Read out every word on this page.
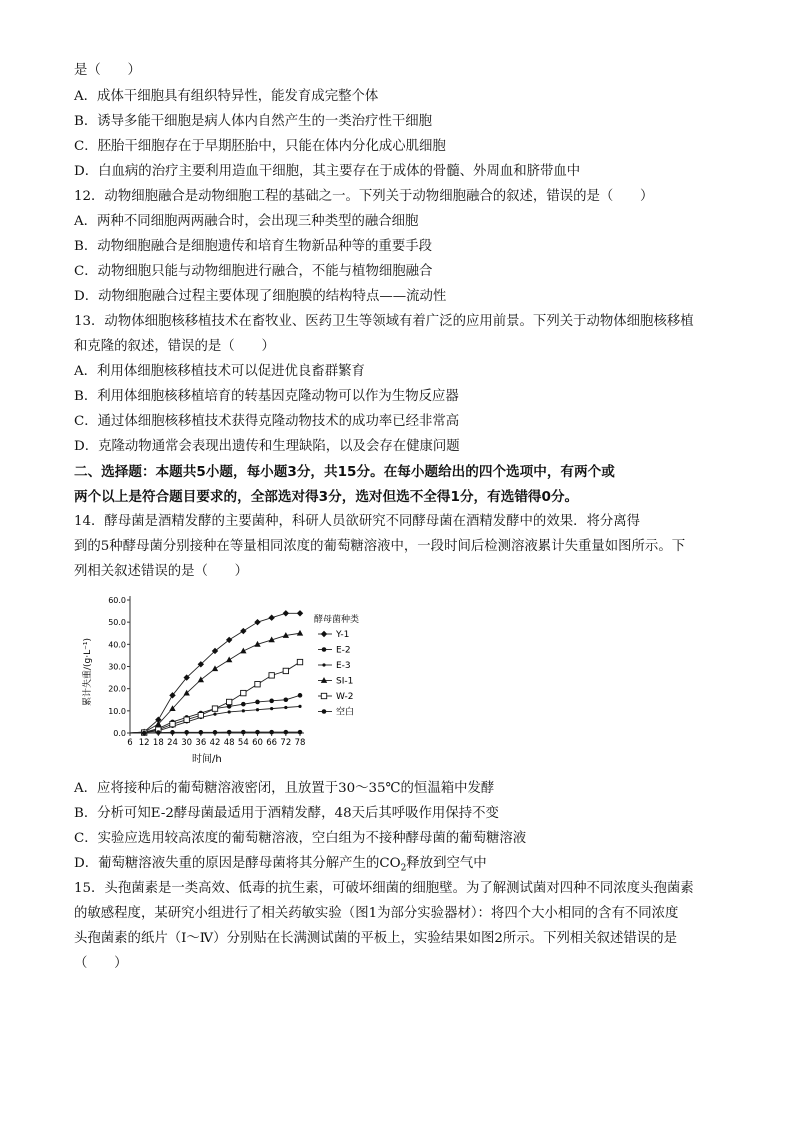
是（　　）
A．成体干细胞具有组织特异性，能发育成完整个体
B．诱导多能干细胞是病人体内自然产生的一类治疗性干细胞
C．胚胎干细胞存在于早期胚胎中，只能在体内分化成心肌细胞
D．白血病的治疗主要利用造血干细胞，其主要存在于成体的骨髓、外周血和脐带血中
12．动物细胞融合是动物细胞工程的基础之一。下列关于动物细胞融合的叙述，错误的是（　　）
A．两种不同细胞两两融合时，会出现三种类型的融合细胞
B．动物细胞融合是细胞遗传和培育生物新品种等的重要手段
C．动物细胞只能与动物细胞进行融合，不能与植物细胞融合
D．动物细胞融合过程主要体现了细胞膜的结构特点——流动性
13．动物体细胞核移植技术在畜牧业、医药卫生等领域有着广泛的应用前景。下列关于动物体细胞核移植
和克隆的叙述，错误的是（　　）
A．利用体细胞核移植技术可以促进优良畜群繁育
B．利用体细胞核移植培育的转基因克隆动物可以作为生物反应器
C．通过体细胞核移植技术获得克隆动物技术的成功率已经非常高
D．克隆动物通常会表现出遗传和生理缺陷，以及会存在健康问题
二、选择题：本题共5小题，每小题3分，共15分。在每小题给出的四个选项中，有两个或
两个以上是符合题目要求的，全部选对得3分，选对但选不全得1分，有选错得0分。
14．酵母菌是酒精发酵的主要菌种，科研人员欲研究不同酵母菌在酒精发酵中的效果．将分离得
到的5种酵母菌分别接种在等量相同浓度的葡萄糖溶液中，一段时间后检测溶液累计失重量如图所示。下
列相关叙述错误的是（　　）
0.0
10.0
20.0
30.0
40.0
50.0
60.0
6 12 18 24 30 36 42 48 54 60 66 72 78
Y-1
E-2
E-3
SI-1
W-2
空白
累计失重/(g·L⁻¹)
时间/h
酵母菌种类
A．应将接种后的葡萄糖溶液密闭，且放置于30～35℃的恒温箱中发酵
B．分析可知E-2酵母菌最适用于酒精发酵，48天后其呼吸作用保持不变
C．实验应选用较高浓度的葡萄糖溶液，空白组为不接种酵母菌的葡萄糖溶液
D．葡萄糖溶液失重的原因是酵母菌将其分解产生的$CO_2$释放到空气中
15．头孢菌素是一类高效、低毒的抗生素，可破坏细菌的细胞壁。为了解测试菌对四种不同浓度头孢菌素
的敏感程度，某研究小组进行了相关药敏实验（图1为部分实验器材）：将四个大小相同的含有不同浓度
头孢菌素的纸片（Ⅰ～Ⅳ）分别贴在长满测试菌的平板上，实验结果如图2所示。下列相关叙述错误的是
（　　）
